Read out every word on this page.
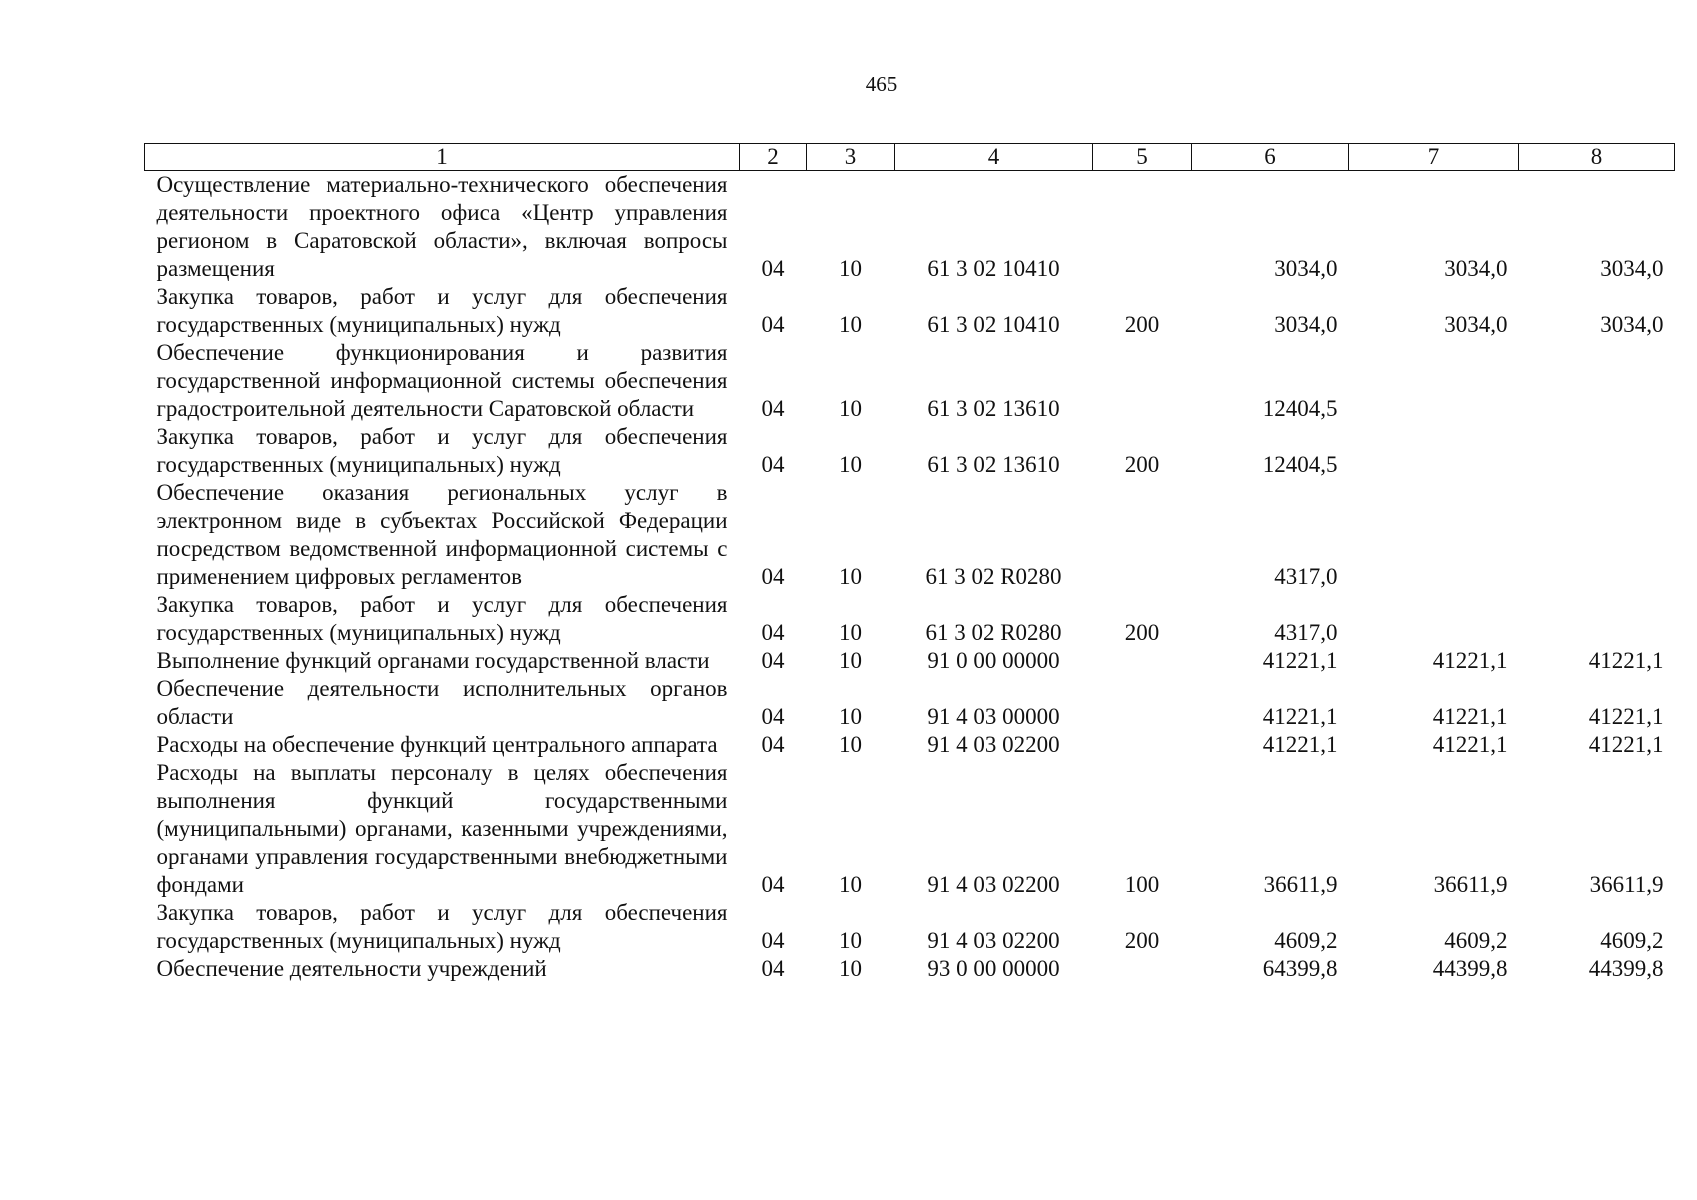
465
1	2	3	4	5	6	7	8
Осуществление материально-технического обеспечения деятельности проектного офиса «Центр управления регионом в Саратовской области», включая вопросы размещения	04	10	61 3 02 10410		3034,0	3034,0	3034,0
Закупка товаров, работ и услуг для обеспечения государственных (муниципальных) нужд	04	10	61 3 02 10410	200	3034,0	3034,0	3034,0
Обеспечение функционирования и развития государственной информационной системы обеспечения градостроительной деятельности Саратовской области	04	10	61 3 02 13610		12404,5		
Закупка товаров, работ и услуг для обеспечения государственных (муниципальных) нужд	04	10	61 3 02 13610	200	12404,5		
Обеспечение оказания региональных услуг в электронном виде в субъектах Российской Федерации посредством ведомственной информационной системы с применением цифровых регламентов	04	10	61 3 02 R0280		4317,0		
Закупка товаров, работ и услуг для обеспечения государственных (муниципальных) нужд	04	10	61 3 02 R0280	200	4317,0		
Выполнение функций органами государственной власти	04	10	91 0 00 00000		41221,1	41221,1	41221,1
Обеспечение деятельности исполнительных органов области	04	10	91 4 03 00000		41221,1	41221,1	41221,1
Расходы на обеспечение функций центрального аппарата	04	10	91 4 03 02200		41221,1	41221,1	41221,1
Расходы на выплаты персоналу в целях обеспечения выполнения функций государственными (муниципальными) органами, казенными учреждениями, органами управления государственными внебюджетными фондами	04	10	91 4 03 02200	100	36611,9	36611,9	36611,9
Закупка товаров, работ и услуг для обеспечения государственных (муниципальных) нужд	04	10	91 4 03 02200	200	4609,2	4609,2	4609,2
Обеспечение деятельности учреждений	04	10	93 0 00 00000		64399,8	44399,8	44399,8
